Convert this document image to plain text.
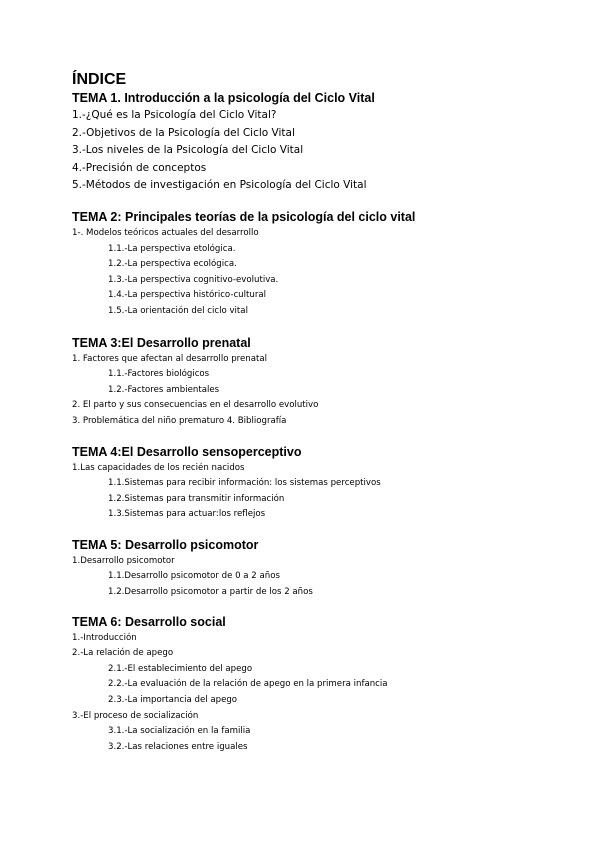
ÍNDICE
TEMA 1. Introducción a la psicología del Ciclo Vital
1.-¿Qué es la Psicología del Ciclo Vital?
2.-Objetivos de la Psicología del Ciclo Vital
3.-Los niveles de la Psicología del Ciclo Vital
4.-Precisión de conceptos
5.-Métodos de investigación en Psicología del Ciclo Vital
TEMA 2: Principales teorías de la psicología del ciclo vital
1-. Modelos teóricos actuales del desarrollo
1.1.-La perspectiva etológica.
1.2.-La perspectiva ecológica.
1.3.-La perspectiva cognitivo-evolutiva.
1.4.-La perspectiva histórico-cultural
1.5.-La orientación del ciclo vital
TEMA 3:El Desarrollo prenatal
1. Factores que afectan al desarrollo prenatal
1.1.-Factores biológicos
1.2.-Factores ambientales
2. El parto y sus consecuencias en el desarrollo evolutivo
3. Problemática del niño prematuro 4. Bibliografía
TEMA 4:El Desarrollo sensoperceptivo
1.Las capacidades de los recién nacidos
1.1.Sistemas para recibir información: los sistemas perceptivos
1.2.Sistemas para transmitir información
1.3.Sistemas para actuar:los reflejos
TEMA 5: Desarrollo psicomotor
1.Desarrollo psicomotor
1.1.Desarrollo psicomotor de 0 a 2 años
1.2.Desarrollo psicomotor a partir de los 2 años
TEMA 6: Desarrollo social
1.-Introducción
2.-La relación de apego
2.1.-El establecimiento del apego
2.2.-La evaluación de la relación de apego en la primera infancia
2.3.-La importancia del apego
3.-El proceso de socialización
3.1.-La socialización en la familia
3.2.-Las relaciones entre iguales
